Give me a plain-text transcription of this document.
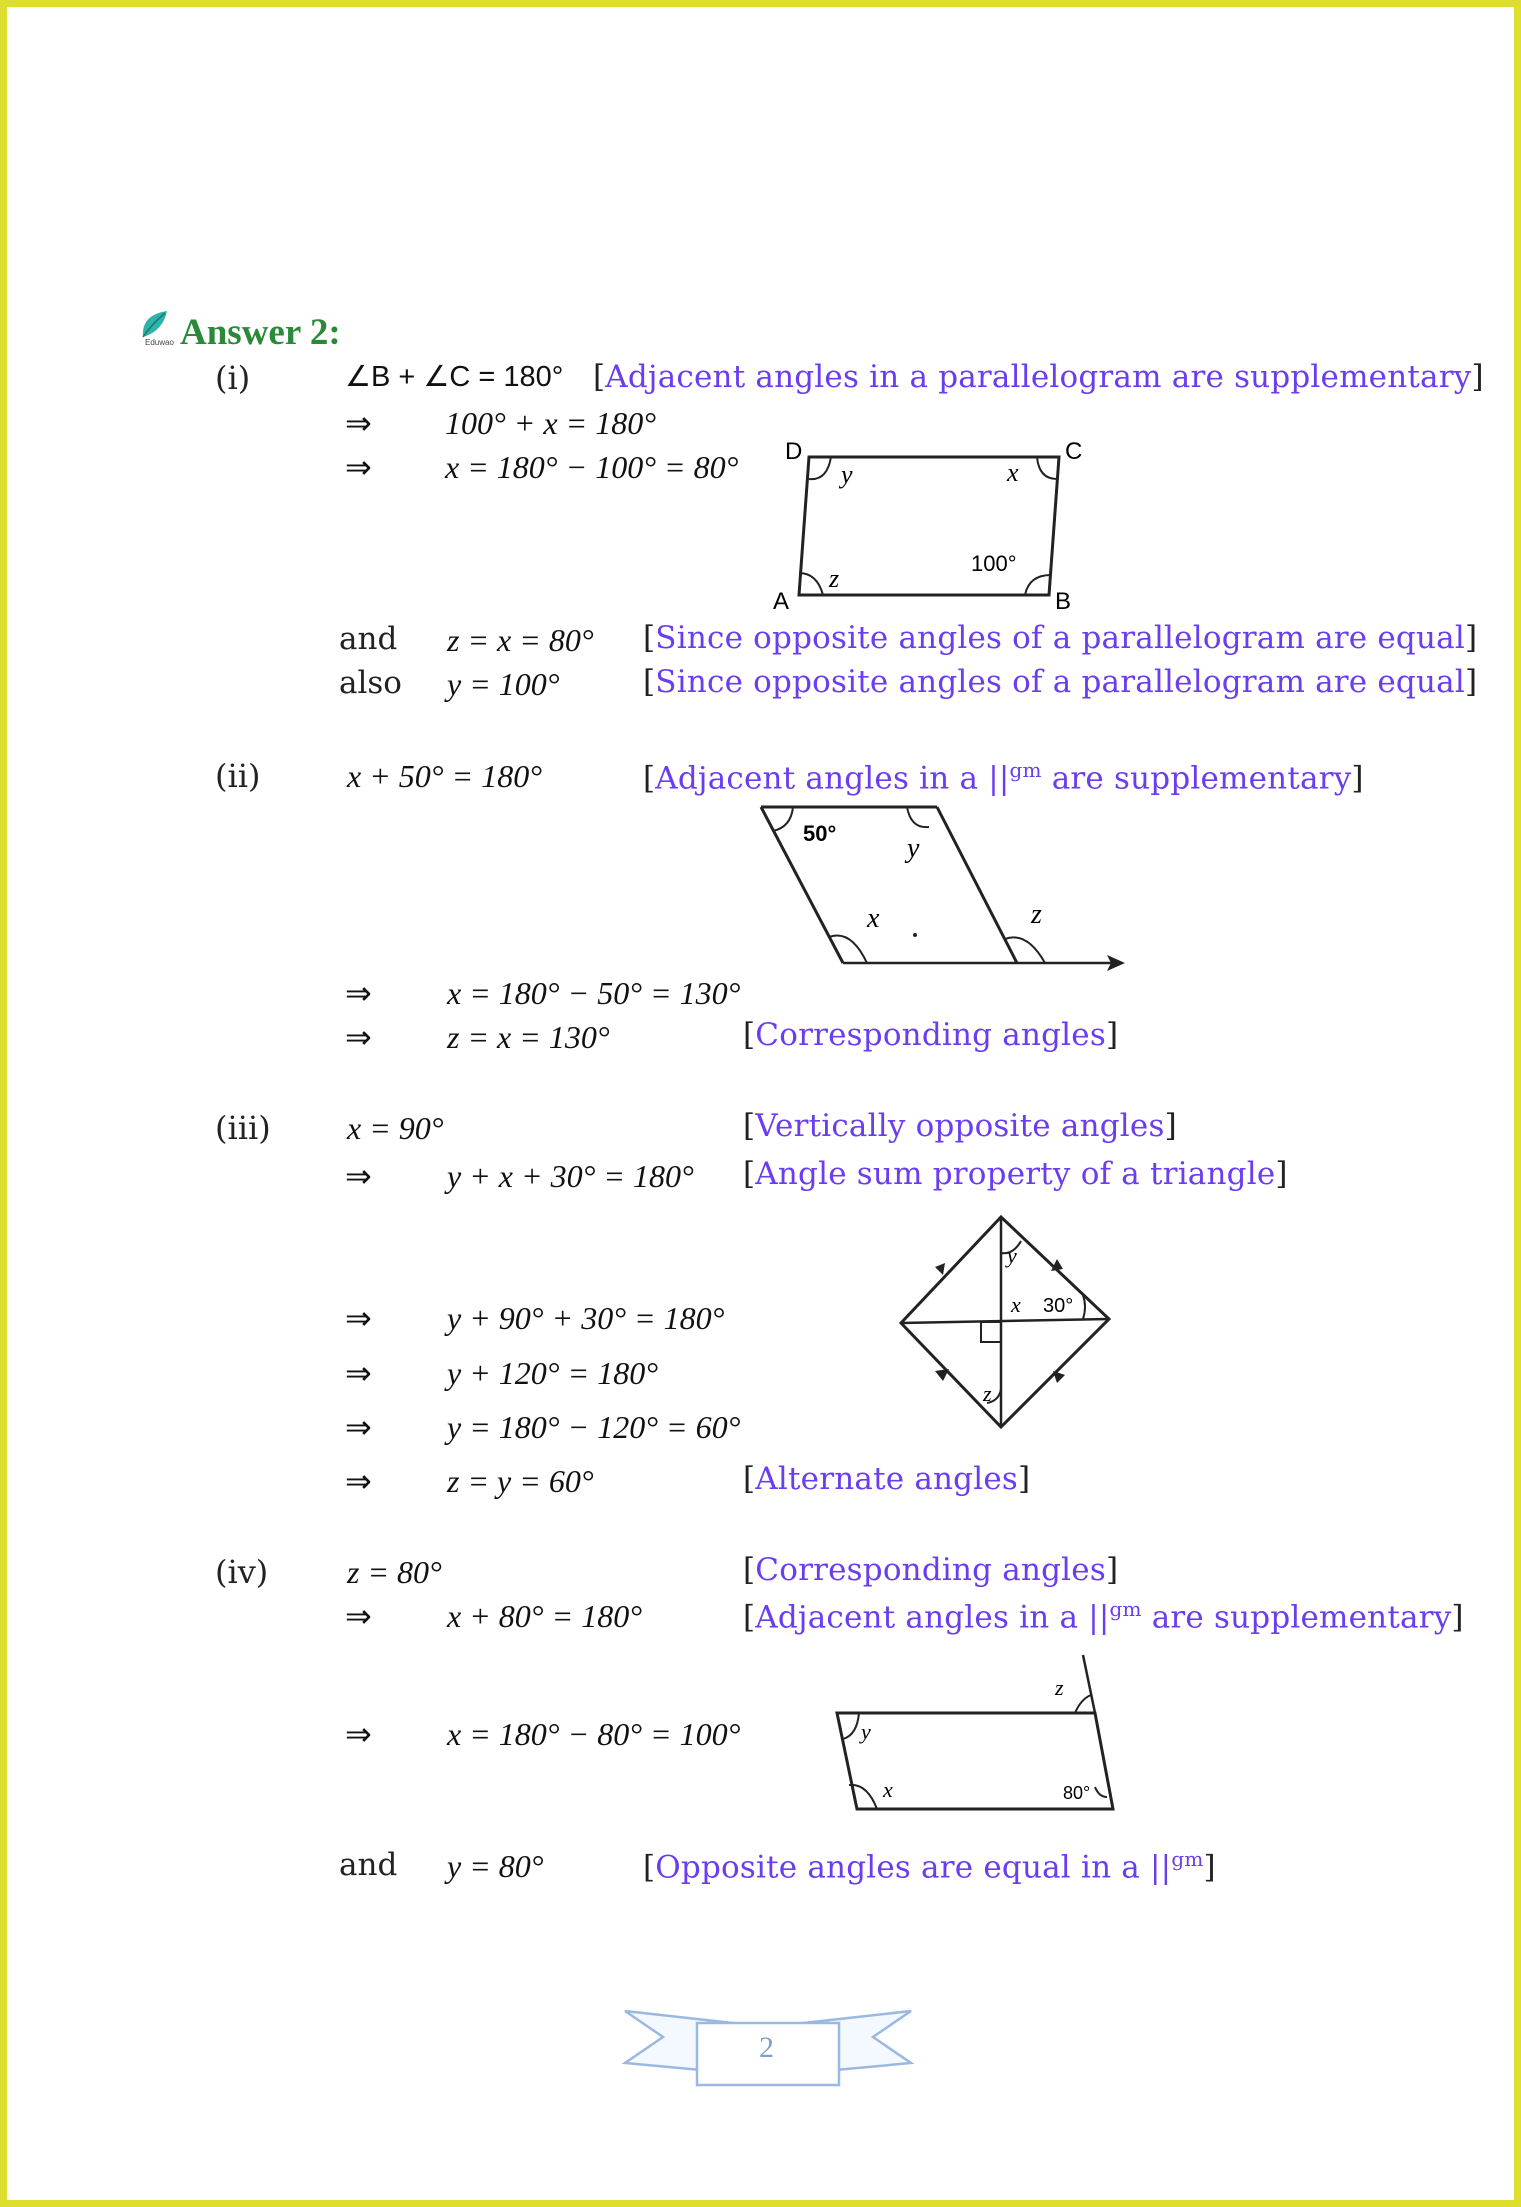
Eduwao Answer 2:
(i)	∠B + ∠C = 180° [Adjacent angles in a parallelogram are supplementary]
⇒ 100° + x = 180°
⇒ x = 180° − 100° = 80° D	C
A	B
y	x
z
100°
and z = x = 80° [Since opposite angles of a parallelogram are equal]
also y = 100°	[Since opposite angles of a parallelogram are equal]
(ii)	x + 50° = 180°	[Adjacent angles in a $||^{gm}$ are supplementary]
50°	y
x	z
⇒ x = 180° − 50° = 130°
⇒ z = x = 130°	[Corresponding angles]
(iii) x = 90°	[Vertically opposite angles]
⇒ y + x + 30° = 180° [Angle sum property of a triangle]
y
x 30°
z
⇒ y + 90° + 30° = 180°
⇒ y + 120° = 180°
⇒ y = 180° − 120° = 60°
⇒ z = y = 60°	[Alternate angles]
(iv) z = 80°	[Corresponding angles]
⇒ x + 80° = 180°	[Adjacent angles in a $||^{gm}$ are supplementary]
y
x
z
80°
⇒ x = 180° − 80° = 100°
and y = 80°	[Opposite angles are equal in a $||^{gm}$]
2
